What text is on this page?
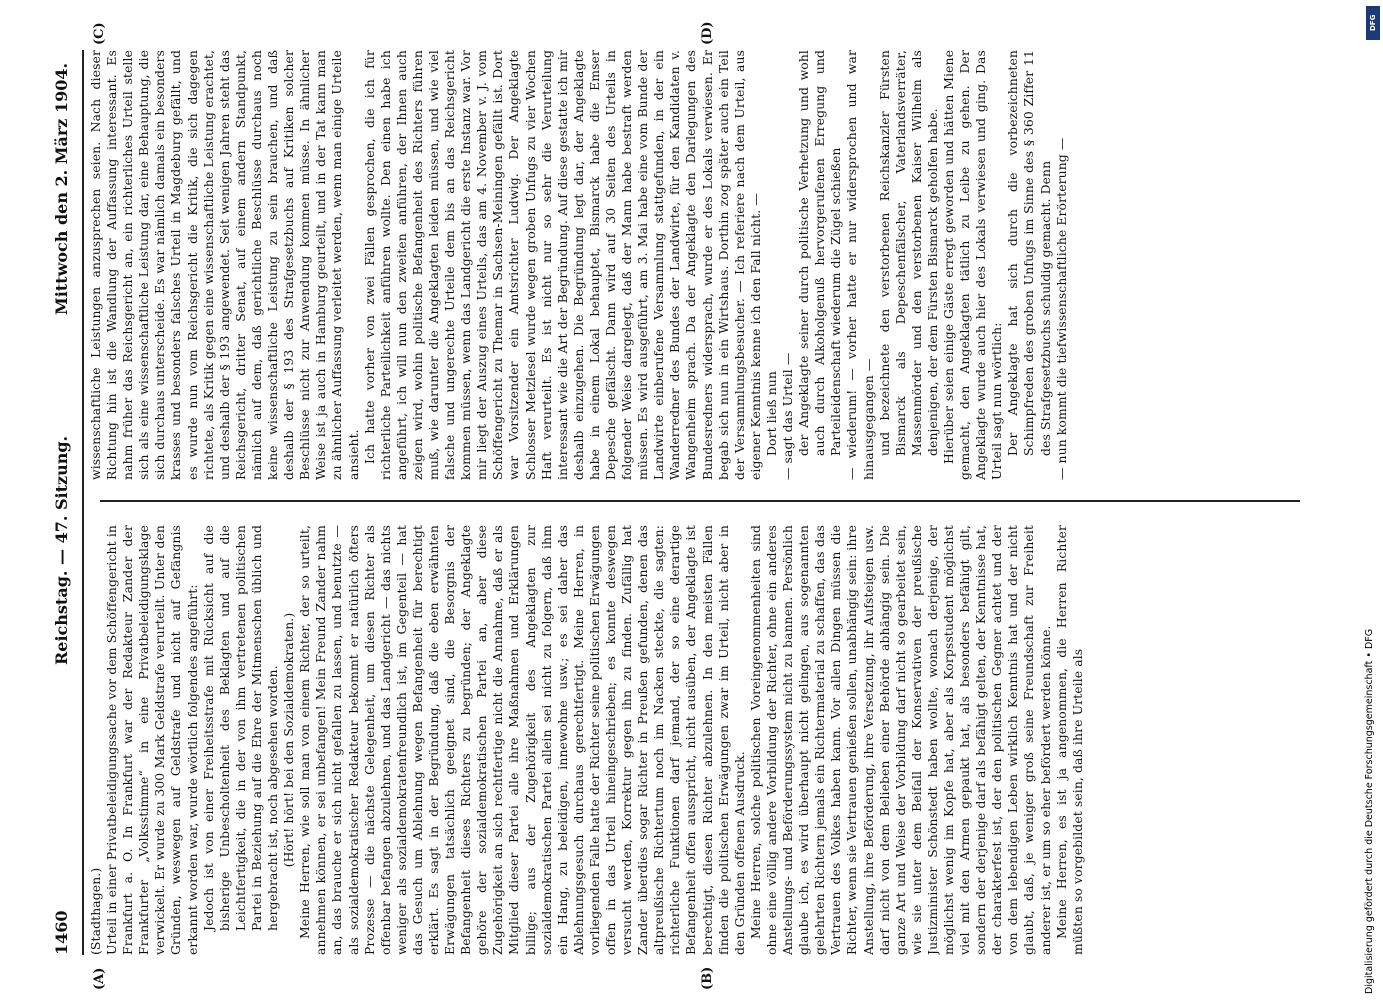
1460
Reichstag. — 47. Sitzung.
Mittwoch den 2. März 1904.
(A)	(B)
(C)	(D)

(Stadthagen.) Urteil in einer Privatbeleidigungssache vor dem Schöffengericht in Frankfurt a. O. In Frankfurt war der Redakteur Zander der Frankfurter „Volksstimme“ in eine Privatbeleidigungsklage verwickelt. Er wurde zu 300 Mark Geldstrafe verurteilt. Unter den Gründen, weswegen auf Geldstrafe und nicht auf Gefängnis erkannt worden war, wurde wörtlich folgendes angeführt: Jedoch ist von einer Freiheitsstrafe mit Rücksicht auf die bisherige Unbescholtenheit des Beklagten und auf die Leichtfertigkeit, die in der von ihm vertretenen politischen Partei in Beziehung auf die Ehre der Mitmenschen üblich und hergebracht ist, noch abgesehen worden. (Hört! hört! bei den Sozialdemokraten.) Meine Herren, wie soll man von einem Richter, der so urteilt, annehmen können, er sei unbefangen! Mein Freund Zander nahm an, das brauche er sich nicht gefallen zu lassen, und benutzte — als sozialdemokratischer Redakteur bekommt er natürlich öfters Prozesse — die nächste Gelegenheit, um diesen Richter als offenbar befangen abzulehnen, und das Landgericht — das nichts weniger als sozialdemokratenfreundlich ist, im Gegenteil — hat das Gesuch um Ablehnung wegen Befangenheit für berechtigt erklärt. Es sagt in der Begründung, daß die eben erwähnten Erwägungen tatsächlich geeignet sind, die Besorgnis der Befangenheit dieses Richters zu begründen; der Angeklagte gehöre der sozialdemokratischen Partei an, aber diese Zugehörigkeit an sich rechtfertige nicht die Annahme, daß er als Mitglied dieser Partei alle ihre Maßnahmen und Erklärungen billige; aus der Zugehörigkeit des Angeklagten zur sozialdemokratischen Partei allein sei nicht zu folgern, daß ihm ein Hang, zu beleidigen, innewohne usw.; es sei daher das Ablehnungsgesuch durchaus gerechtfertigt. Meine Herren, in vorliegenden Falle hatte der Richter seine politischen Erwägungen offen in das Urteil hineingeschrieben; es konnte deswegen versucht werden, Korrektur gegen ihn zu finden. Zufällig hat Zander überdies sogar Richter in Preußen gefunden, denen das altpreußische Richtertum noch im Nacken steckte, die sagten: richterliche Funktionen darf jemand, der so eine derartige Befangenheit offen ausspricht, nicht ausüben, der Angeklagte ist berechtigt, diesen Richter abzulehnen. In den meisten Fällen finden die politischen Erwägungen zwar im Urteil, nicht aber in den Gründen offenen Ausdruck. Meine Herren, solche politischen Voreingenommenheiten sind ohne eine völlig andere Vorbildung der Richter, ohne ein anderes Anstellungs- und Beförderungssystem nicht zu bannen. Persönlich glaube ich, es wird überhaupt nicht gelingen, aus sogenannten gelehrten Richtern jemals ein Richtermaterial zu schaffen, das das Vertrauen des Volkes haben kann. Vor allen Dingen müssen die Richter, wenn sie Vertrauen genießen sollen, unabhängig sein: ihre Anstellung, ihre Beförderung, ihre Versetzung, ihr Aufsteigen usw. darf nicht von dem Belieben einer Behörde abhängig sein. Die ganze Art und Weise der Vorbildung darf nicht so gearbeitet sein, wie sie unter dem Beifall der Konservativen der preußische Justizminister Schönstedt haben wollte, wonach derjenige, der möglichst wenig im Kopfe hat, aber als Korpsstudent möglichst viel mit den Armen gepaukt hat, als besonders befähigt gilt, sondern der derjenige darf als befähigt gelten, der Kenntnisse hat, der charakterfest ist, der den politischen Gegner achtet und der von dem lebendigen Leben wirklich Kenntnis hat und der nicht glaubt, daß, je weniger groß seine Freundschaft zur Freiheit anderer ist, er um so eher befördert werden könne. Meine Herren, es ist ja angenommen, die Herren Richter müßten so vorgebildet sein, daß ihre Urteile als

wissenschaftliche Leistungen anzusprechen seien. Nach dieser Richtung hin ist die Wandlung der Auffassung interessant. Es nahm früher das Reichsgericht an, ein richterliches Urteil stelle sich als eine wissenschaftliche Leistung dar, eine Behauptung, die sich durchaus unterscheide. Es war nämlich damals ein besonders krasses und besonders falsches Urteil in Magdeburg gefällt, und es wurde nun vom Reichsgericht die Kritik, die sich dagegen richtete, als Kritik gegen eine wissenschaftliche Leistung erachtet, und deshalb der § 193 angewendet. Seit wenigen Jahren steht das Reichsgericht, dritter Senat, auf einem andern Standpunkt, nämlich auf dem, daß gerichtliche Beschlüsse durchaus noch keine wissenschaftliche Leistung zu sein brauchen, und daß deshalb der § 193 des Strafgesetzbuchs auf Kritiken solcher Beschlüsse nicht zur Anwendung kommen müsse. In ähnlicher Weise ist ja auch in Hamburg geurteilt, und in der Tat kann man zu ähnlicher Auffassung verleitet werden, wenn man einige Urteile ansieht. Ich hatte vorher von zwei Fällen gesprochen, die ich für richterliche Parteilichkeit anführen wollte. Den einen habe ich angeführt, ich will nun den zweiten anführen, der Ihnen auch zeigen wird, wohin politische Befangenheit des Richters führen muß, wie darunter die Angeklagten leiden müssen, und wie viel falsche und ungerechte Urteile dem bis an das Reichsgericht kommen müssen, wenn das Landgericht die erste Instanz war. Vor mir liegt der Auszug eines Urteils, das am 4. November v. J. vom Schöffengericht zu Themar in Sachsen-Meiningen gefällt ist. Dort war Vorsitzender ein Amtsrichter Ludwig. Der Angeklagte Schlosser Metzlesel wurde wegen groben Unfugs zu vier Wochen Haft verurteilt. Es ist nicht nur so sehr die Verurteilung interessant wie die Art der Begründung. Auf diese gestatte ich mir deshalb einzugehen. Die Begründung legt dar, der Angeklagte habe in einem Lokal behauptet, Bismarck habe die Emser Depesche gefälscht. Dann wird auf 30 Seiten des Urteils in folgender Weise dargelegt, daß der Mann habe bestraft werden müssen. Es wird ausgeführt, am 3. Mai habe eine vom Bunde der Landwirte einberufene Versammlung stattgefunden, in der ein Wanderredner des Bundes der Landwirte, für den Kandidaten v. Wangenheim sprach. Da der Angeklagte den Darlegungen des Bundesredners widersprach, wurde er des Lokals verwiesen. Er begab sich nun in ein Wirtshaus. Dorthin zog später auch ein Teil der Versammlungsbesucher. — Ich referiere nach dem Urteil, aus eigener Kenntnis kenne ich den Fall nicht. — Dort ließ nun — sagt das Urteil — der Angeklagte seiner durch politische Verhetzung und wohl auch durch Alkoholgenuß hervorgerufenen Erregung und Parteileidenschaft wiederum die Zügel schießen — wiederum! — vorher hatte er nur widersprochen und war hinausgegangen — und bezeichnete den verstorbenen Reichskanzler Fürsten Bismarck als Depeschenfälscher, Vaterlandsverräter, Massenmörder und den verstorbenen Kaiser Wilhelm als denjenigen, der dem Fürsten Bismarck geholfen habe. Hierüber seien einige Gäste erregt geworden und hätten Miene gemacht, den Angeklagten tätlich zu Leibe zu gehen. Der Angeklagte wurde auch hier des Lokals verwiesen und ging. Das Urteil sagt nun wörtlich: Der Angeklagte hat sich durch die vorbezeichneten Schimpfreden des groben Unfugs im Sinne des § 360 Ziffer 11 des Strafgesetzbuchs schuldig gemacht. Denn — nun kommt die tiefwissenschaftliche Erörterung —

DFG
Digitalisierung gefördert durch die Deutsche Forschungsgemeinschaft • DFG
